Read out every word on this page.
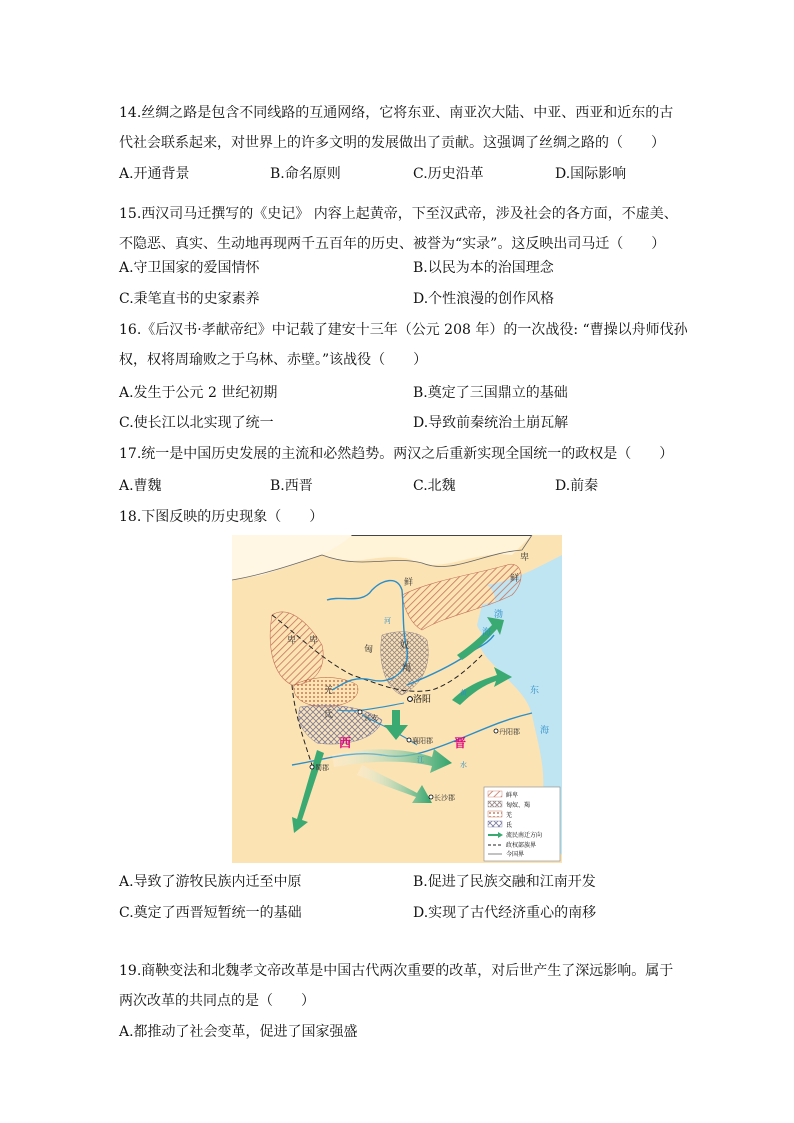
14.丝绸之路是包含不同线路的互通网络，它将东亚、南亚次大陆、中亚、西亚和近东的古
代社会联系起来，对世界上的许多文明的发展做出了贡献。这强调了丝绸之路的（　　）
A.开通背景	B.命名原则	C.历史沿革	D.国际影响
15.西汉司马迁撰写的《史记》 内容上起黄帝，下至汉武帝，涉及社会的各方面，不虚美、
不隐恶、真实、生动地再现两千五百年的历史、被誉为“实录”。这反映出司马迁（　　）
A.守卫国家的爱国情怀	B.以民为本的治国理念
C.秉笔直书的史家素养	D.个性浪漫的创作风格
16.《后汉书·孝献帝纪》中记载了建安十三年（公元 208 年）的一次战役: “曹操以舟师伐孙
权，权将周瑜败之于乌林、赤壁。”该战役（　　）
A.发生于公元 2 世纪初期	B.奠定了三国鼎立的基础
C.使长江以北实现了统一	D.导致前秦统治土崩瓦解
17.统一是中国历史发展的主流和必然趋势。两汉之后重新实现全国统一的政权是（　　）
A.曹魏	B.西晋	C.北魏	D.前秦
18.下图反映的历史现象（　　）
A.导致了游牧民族内迁至中原	B.促进了民族交融和江南开发
C.奠定了西晋短暂统一的基础	D.实现了古代经济重心的南移
19.商鞅变法和北魏孝文帝改革是中国古代两次重要的改革，对后世产生了深远影响。属于
两次改革的共同点的是（　　）
A.都推动了社会变革，促进了国家强盛
鲜	鲜
卑
卑 卑
匈	奴
羯
羌
氐
洛阳
长安
襄阳郡
丹阳郡
蜀郡
长沙郡
西	晋
渤
海
东
海
河
江
水
黄
鲜卑
匈奴、羯
羌
氐
流民南迁方向
政权部族界
今国界
